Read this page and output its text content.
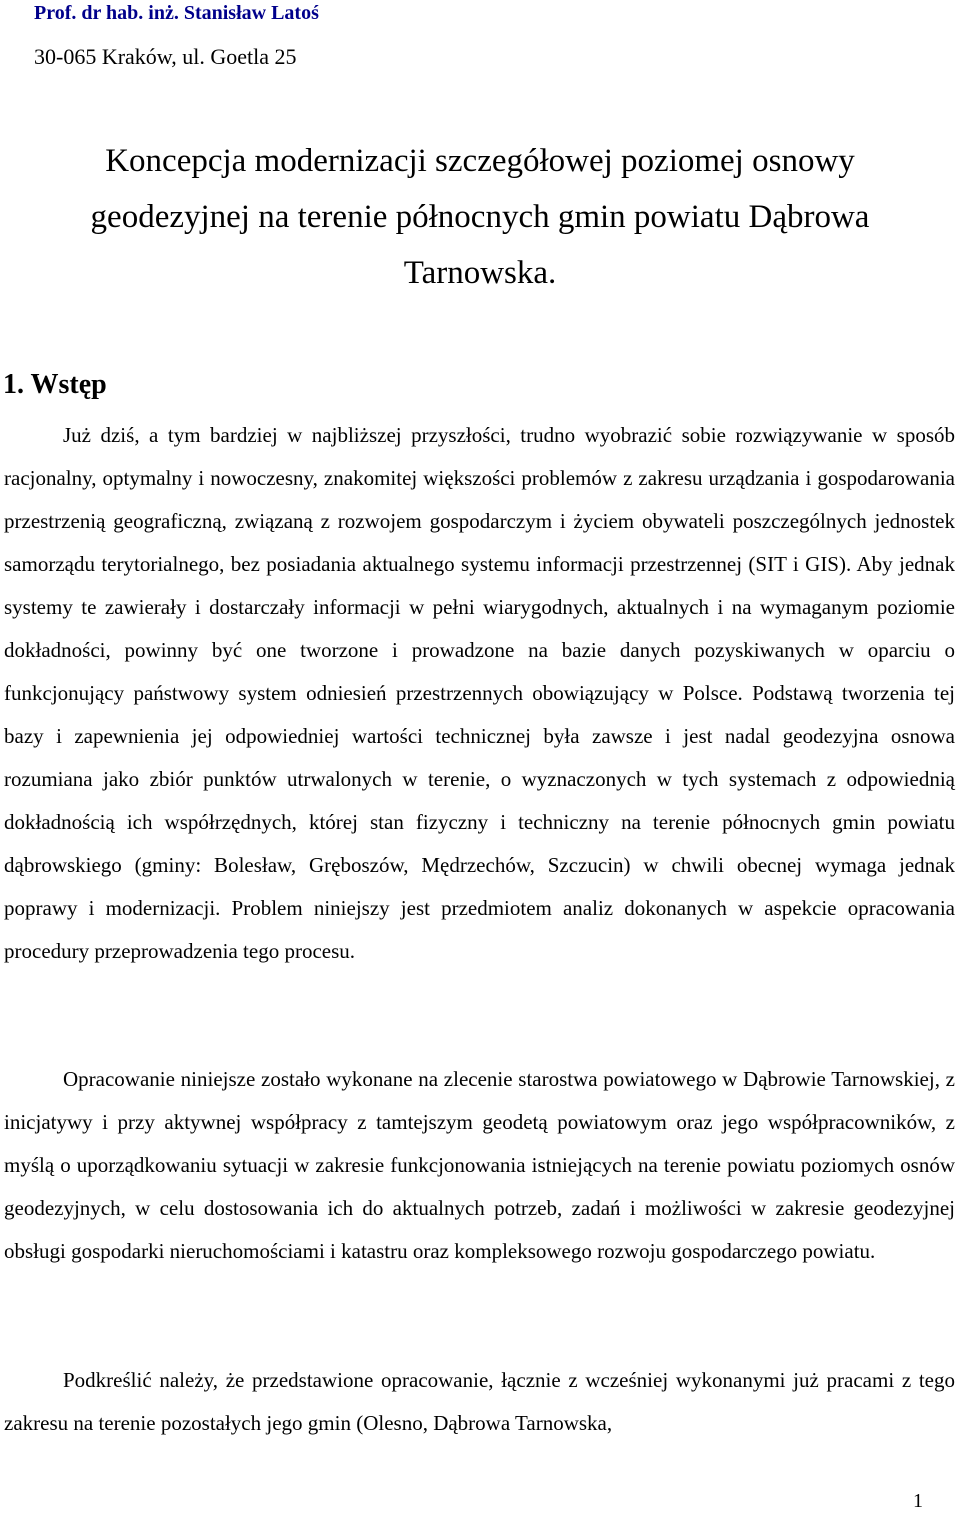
Prof. dr hab. inż. Stanisław Latoś

30-065 Kraków, ul. Goetla 25

Koncepcja modernizacji szczegółowej poziomej osnowy
geodezyjnej na terenie północnych gmin powiatu Dąbrowa
Tarnowska.
1. Wstęp

Już dziś, a tym bardziej w najbliższej przyszłości, trudno wyobrazić sobie rozwiązywanie w sposób racjonalny, optymalny i nowoczesny, znakomitej większości problemów z zakresu urządzania i gospodarowania przestrzenią geograficzną, związaną z rozwojem gospodarczym i życiem obywateli poszczególnych jednostek samorządu terytorialnego, bez posiadania aktualnego systemu informacji przestrzennej (SIT i GIS). Aby jednak systemy te zawierały i dostarczały informacji w pełni wiarygodnych, aktualnych i na wymaganym poziomie dokładności, powinny być one tworzone i prowadzone na bazie danych pozyskiwanych w oparciu o funkcjonujący państwowy system odniesień przestrzennych obowiązujący w Polsce. Podstawą tworzenia tej bazy i zapewnienia jej odpowiedniej wartości technicznej była zawsze i jest nadal geodezyjna osnowa rozumiana jako zbiór punktów utrwalonych w terenie, o wyznaczonych w tych systemach z odpowiednią dokładnością ich współrzędnych, której stan fizyczny i techniczny na terenie północnych gmin powiatu dąbrowskiego (gminy: Bolesław, Gręboszów, Mędrzechów, Szczucin) w chwili obecnej wymaga jednak poprawy i modernizacji. Problem niniejszy jest przedmiotem analiz dokonanych w aspekcie opracowania procedury przeprowadzenia tego procesu.

Opracowanie niniejsze zostało wykonane na zlecenie starostwa powiatowego w Dąbrowie Tarnowskiej, z inicjatywy i przy aktywnej współpracy z tamtejszym geodetą powiatowym oraz jego współpracowników, z myślą o uporządkowaniu sytuacji w zakresie funkcjonowania istniejących na terenie powiatu poziomych osnów geodezyjnych, w celu dostosowania ich do aktualnych potrzeb, zadań i możliwości w zakresie geodezyjnej obsługi gospodarki nieruchomościami i katastru oraz kompleksowego rozwoju gospodarczego powiatu.

Podkreślić należy, że przedstawione opracowanie, łącznie z wcześniej wykonanymi już pracami z tego zakresu na terenie pozostałych jego gmin (Olesno, Dąbrowa Tarnowska,

1
